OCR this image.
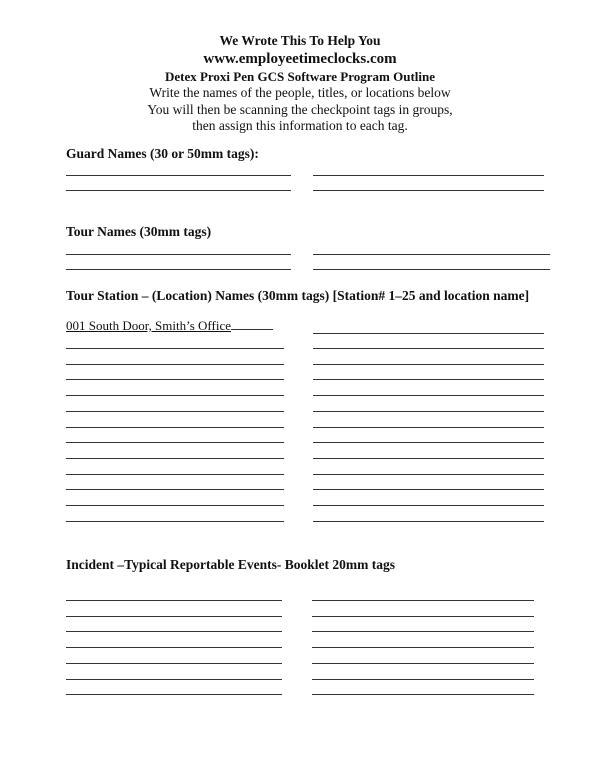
We Wrote This To Help You
www.employeetimeclocks.com
Detex Proxi Pen GCS Software Program Outline
Write the names of the people, titles, or locations below
You will then be scanning the checkpoint tags in groups,
then assign this information to each tag.
Guard Names (30 or 50mm tags):
Tour Names (30mm tags)
Tour Station – (Location) Names (30mm tags) [Station# 1–25 and location name]
001 South Door, Smith’s Office
Incident –Typical Reportable Events- Booklet 20mm tags
